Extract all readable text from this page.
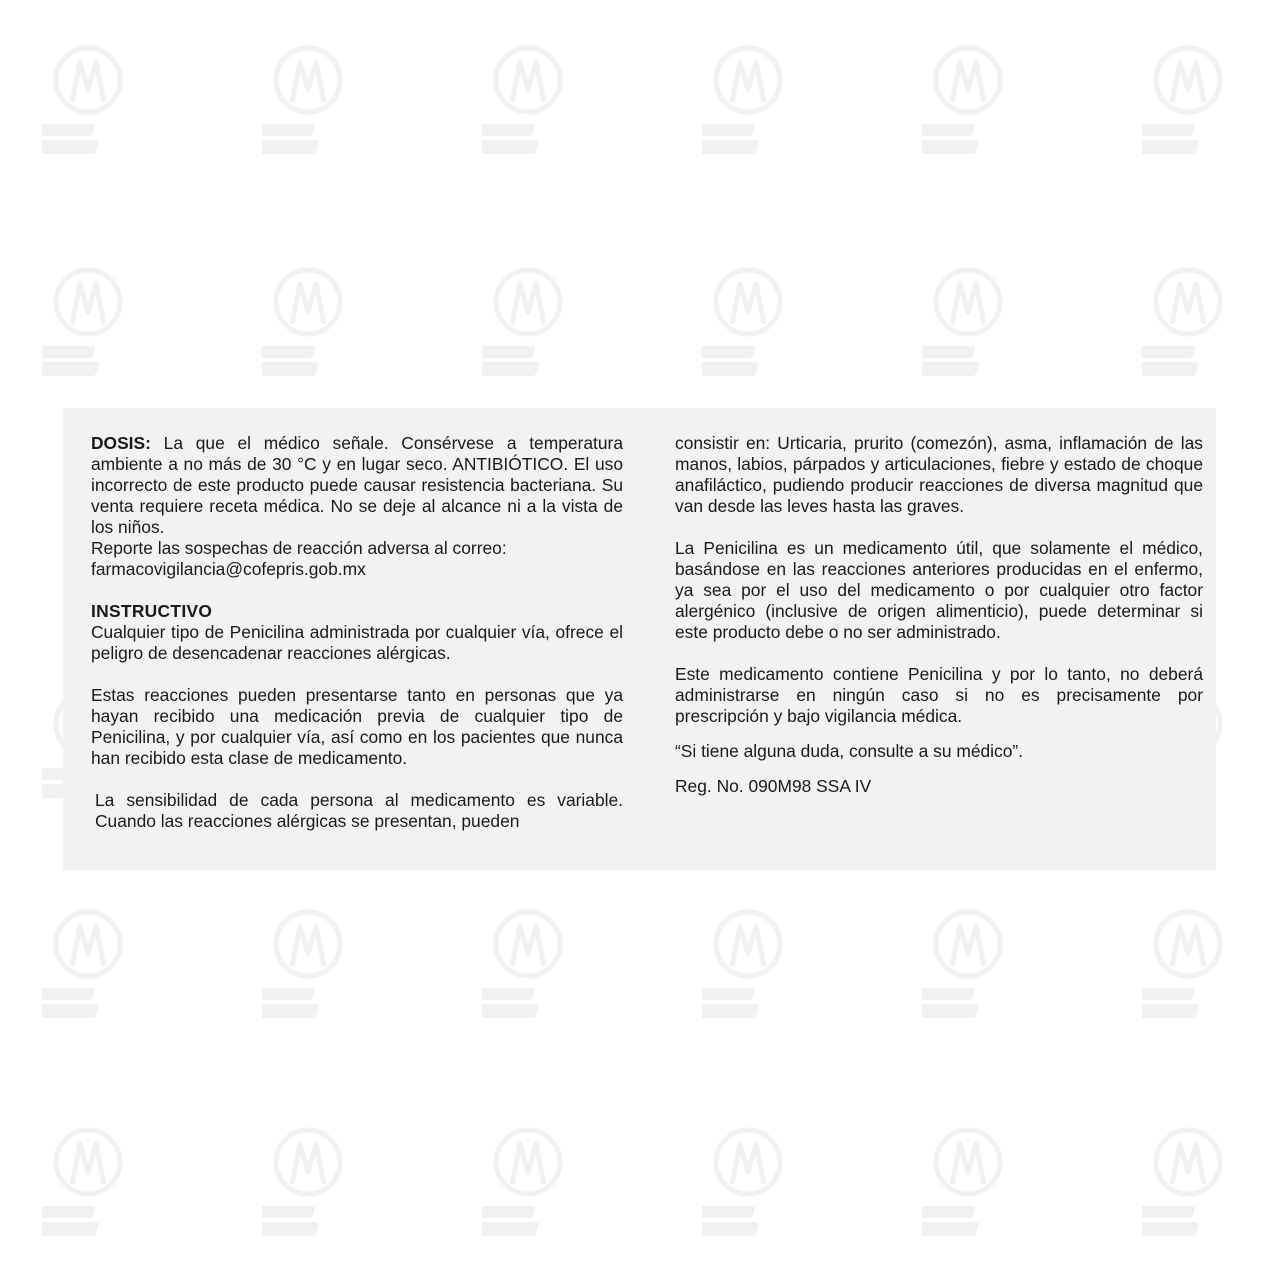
DOSIS: La que el médico señale. Consérvese a temperatura ambiente a no más de 30 °C y en lugar seco. ANTIBIÓTICO. El uso incorrecto de este producto puede causar resistencia bacteriana. Su venta requiere receta médica. No se deje al alcance ni a la vista de los niños.

Reporte las sospechas de reacción adversa al correo:

farmacovigilancia@cofepris.gob.mx

INSTRUCTIVO

Cualquier tipo de Penicilina administrada por cualquier vía, ofrece el peligro de desencadenar reacciones alérgicas.

Estas reacciones pueden presentarse tanto en personas que ya hayan recibido una medicación previa de cualquier tipo de Penicilina, y por cualquier vía, así como en los pacientes que nunca han recibido esta clase de medicamento.

La sensibilidad de cada persona al medicamento es variable. Cuando las reacciones alérgicas se presentan, pueden

consistir en: Urticaria, prurito (comezón), asma, inflamación de las manos, labios, párpados y articulaciones, fiebre y estado de choque anafiláctico, pudiendo producir reacciones de diversa magnitud que van desde las leves hasta las graves.

La Penicilina es un medicamento útil, que solamente el médico, basándose en las reacciones anteriores producidas en el enfermo, ya sea por el uso del medicamento o por cualquier otro factor alergénico (inclusive de origen alimenticio), puede determinar si este producto debe o no ser administrado.

Este medicamento contiene Penicilina y por lo tanto, no deberá administrarse en ningún caso si no es precisamente por prescripción y bajo vigilancia médica.

“Si tiene alguna duda, consulte a su médico”.

Reg. No. 090M98 SSA IV
